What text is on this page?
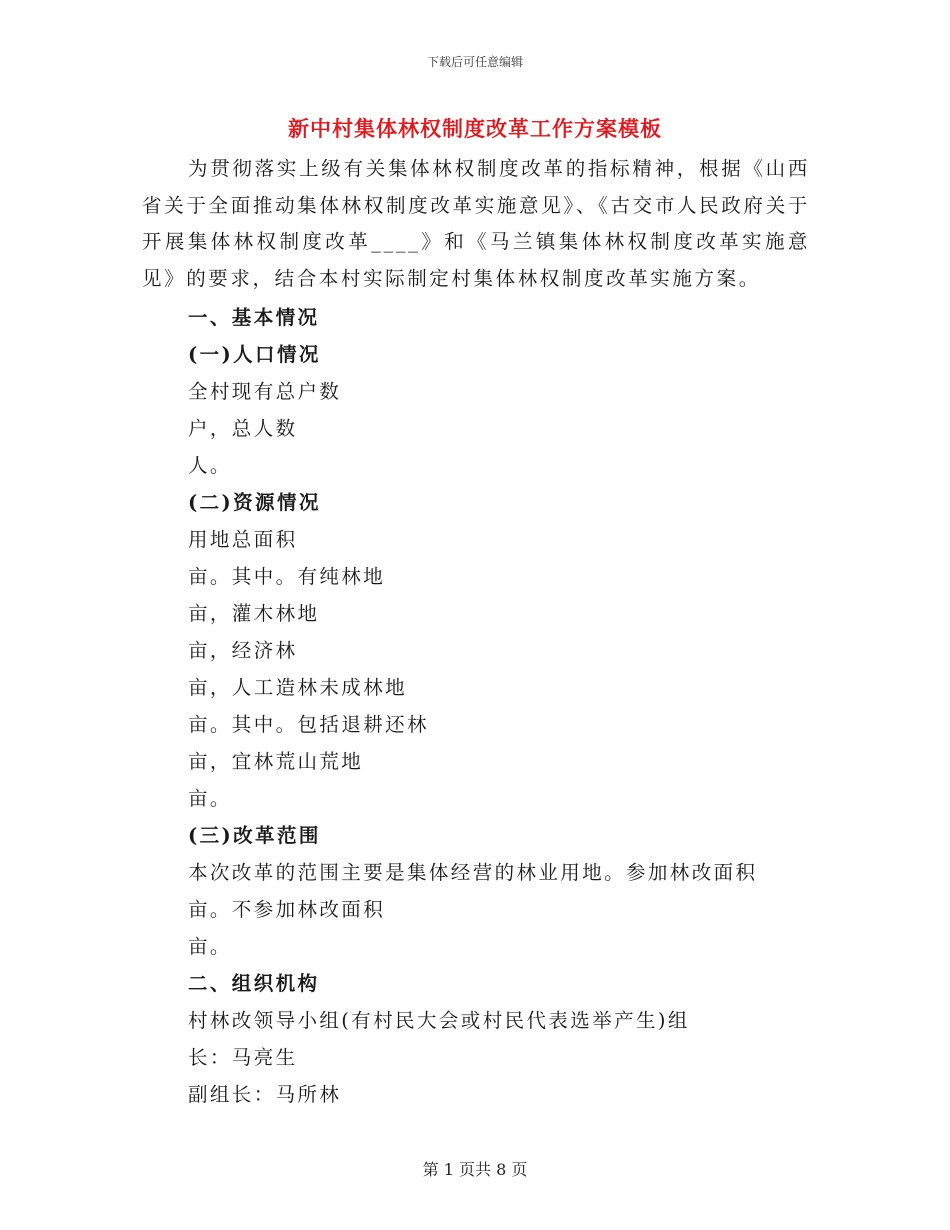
下载后可任意编辑
新中村集体林权制度改革工作方案模板
为贯彻落实上级有关集体林权制度改革的指标精神，根据《山西省关于全面推动集体林权制度改革实施意见》、《古交市人民政府关于开展集体林权制度改革____》和《马兰镇集体林权制度改革实施意见》的要求，结合本村实际制定村集体林权制度改革实施方案。
一、基本情况
(一)人口情况
全村现有总户数
户，总人数
人。
(二)资源情况
用地总面积
亩。其中。有纯林地
亩，灌木林地
亩，经济林
亩，人工造林未成林地
亩。其中。包括退耕还林
亩，宜林荒山荒地
亩。
(三)改革范围
本次改革的范围主要是集体经营的林业用地。参加林改面积
亩。不参加林改面积
亩。
二、组织机构
村林改领导小组(有村民大会或村民代表选举产生)组
长：马亮生
副组长：马所林
第 1 页共 8 页
